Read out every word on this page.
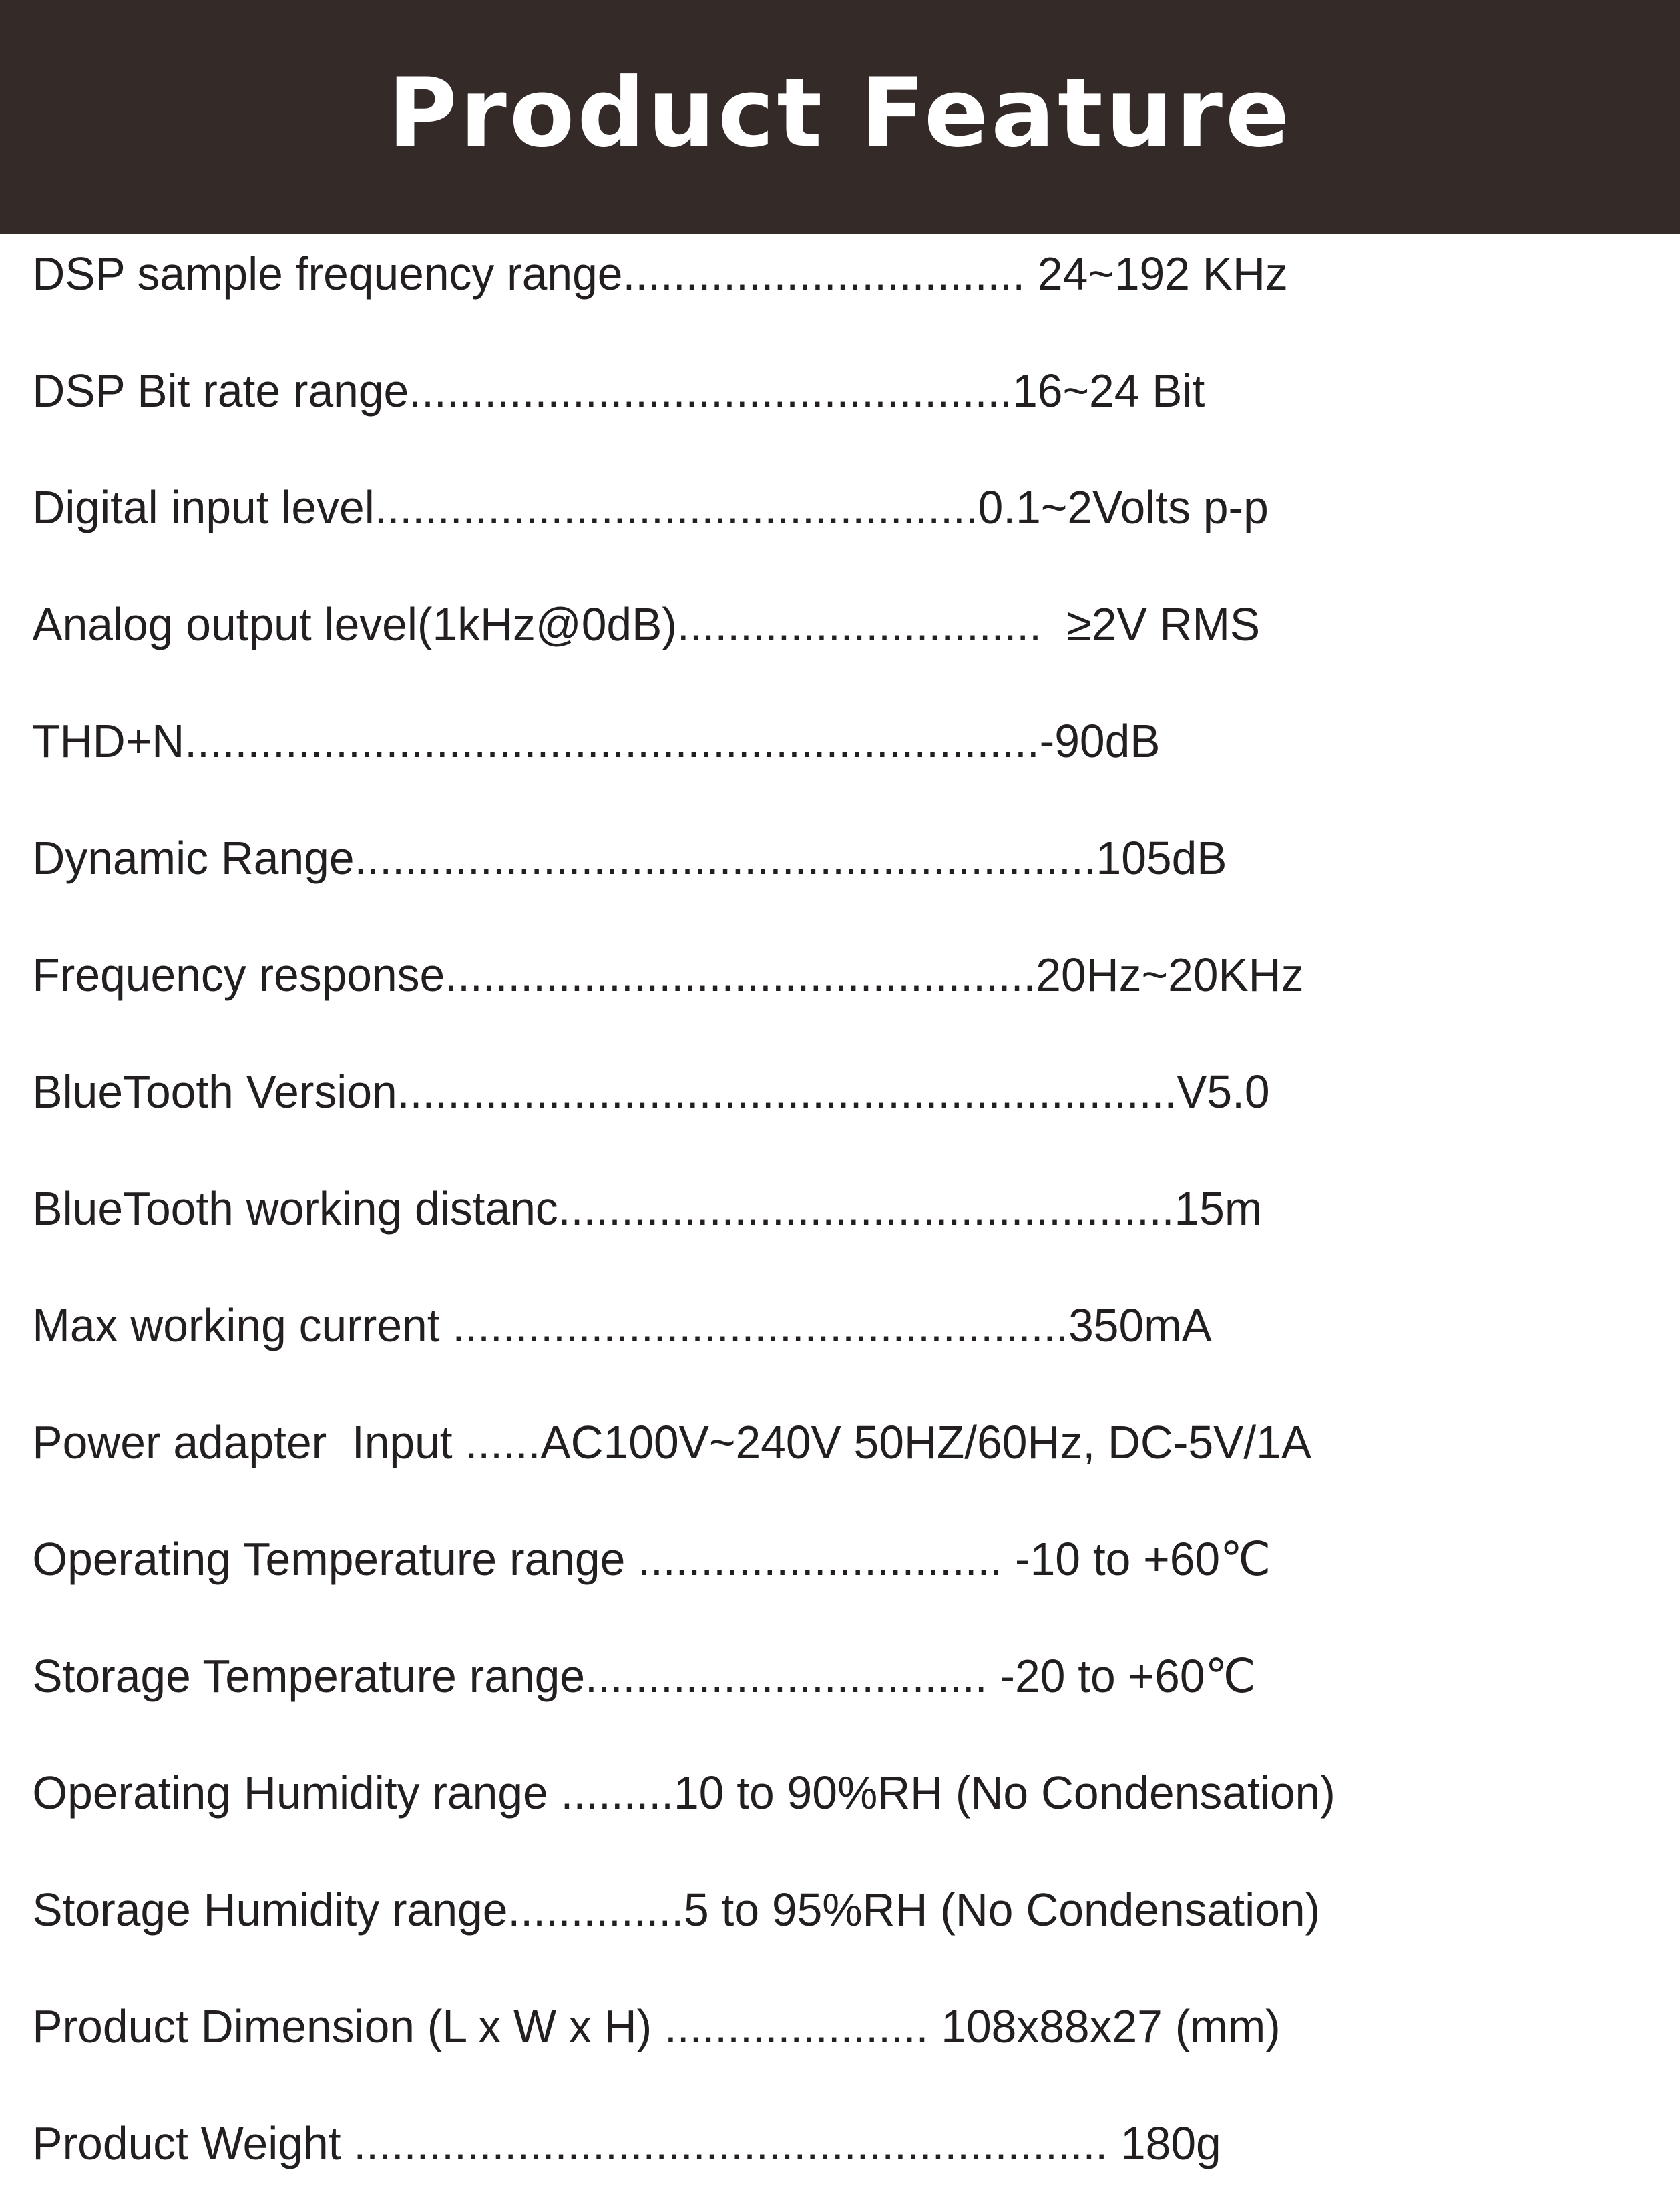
Product Feature
DSP sample frequency range................................ 24~192 KHz
DSP Bit rate range................................................16~24 Bit
Digital input level................................................0.1~2Volts p-p
Analog output level(1kHz@0dB).............................  ≥2V RMS
THD+N....................................................................-90dB
Dynamic Range...........................................................105dB
Frequency response...............................................20Hz~20KHz
BlueTooth Version..............................................................V5.0
BlueTooth working distanc.................................................15m
Max working current .................................................350mA
Power adapter  Input ......AC100V~240V 50HZ/60Hz, DC-5V/1A
Operating Temperature range ............................. -10 to +60℃
Storage Temperature range................................ -20 to +60℃
Operating Humidity range .........10 to 90%RH (No Condensation)
Storage Humidity range..............5 to 95%RH (No Condensation)
Product Dimension (L x W x H) ..................... 108x88x27 (mm)
Product Weight ............................................................ 180g
